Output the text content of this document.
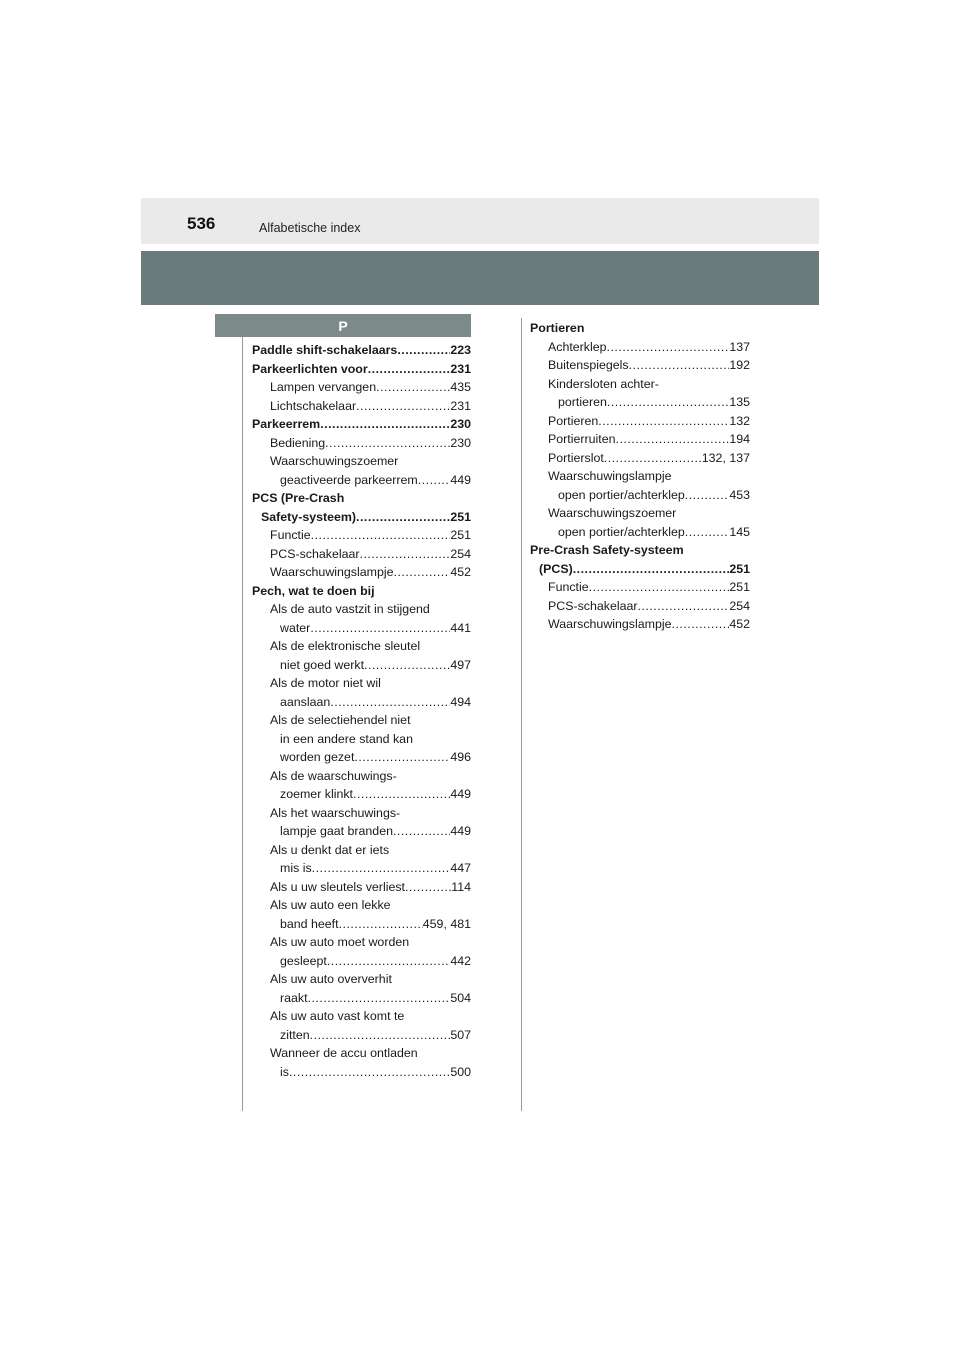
536	Alfabetische index
P
Paddle shift-schakelaars .....	223
Parkeerlichten voor .....	231
Lampen vervangen .....	435
Lichtschakelaar .....	231
Parkeerrem .....	230
Bediening .....	230
Waarschuwingszoemer
geactiveerde parkeerrem .....	449
PCS (Pre-Crash
Safety-systeem) .....	251
Functie .....	251
PCS-schakelaar .....	254
Waarschuwingslampje .....	452
Pech, wat te doen bij
Als de auto vastzit in stijgend
water .....	441
Als de elektronische sleutel
niet goed werkt .....	497
Als de motor niet wil
aanslaan .....	494
Als de selectiehendel niet
in een andere stand kan
worden gezet .....	496
Als de waarschuwings-
zoemer klinkt .....	449
Als het waarschuwings-
lampje gaat branden .....	449
Als u denkt dat er iets
mis is .....	447
Als u uw sleutels verliest .....	114
Als uw auto een lekke
band heeft .....	459, 481
Als uw auto moet worden
gesleept .....	442
Als uw auto oververhit
raakt .....	504
Als uw auto vast komt te
zitten .....	507
Wanneer de accu ontladen
is .....	500
Portieren
Achterklep .....	137
Buitenspiegels .....	192
Kindersloten achter-
portieren .....	135
Portieren .....	132
Portierruiten .....	194
Portierslot .....	132, 137
Waarschuwingslampje
open portier/achterklep .....	453
Waarschuwingszoemer
open portier/achterklep .....	145
Pre-Crash Safety-systeem
(PCS) .....	251
Functie .....	251
PCS-schakelaar .....	254
Waarschuwingslampje .....	452
